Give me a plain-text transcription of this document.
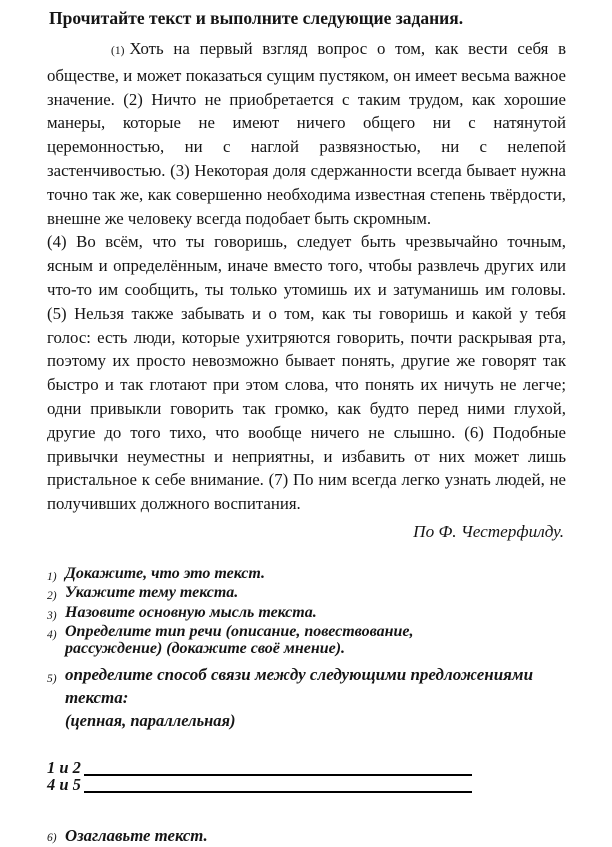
Прочитайте текст и выполните следующие задания.

(1) Хоть на первый взгляд вопрос о том, как вести себя в обществе, и может показаться сущим пустяком, он имеет весьма важное значение. (2) Ничто не приобретается с таким трудом, как хорошие манеры, которые не имеют ничего общего ни с натянутой церемонностью, ни с наглой развязностью, ни с нелепой застенчивостью. (3) Некоторая доля сдержанности всегда бывает нужна точно так же, как совершенно необходима известная степень твёрдости, внешне же человеку всегда подобает быть скромным.

(4) Во всём, что ты говоришь, следует быть чрезвычайно точным, ясным и определённым, иначе вместо того, чтобы развлечь других или что-то им сообщить, ты только утомишь их и затуманишь им головы. (5) Нельзя также забывать и о том, как ты говоришь и какой у тебя голос: есть люди, которые ухитряются говорить, почти раскрывая рта, поэтому их просто невозможно бывает понять, другие же говорят так быстро и так глотают при этом слова, что понять их ничуть не легче; одни привыкли говорить так громко, как будто перед ними глухой, другие до того тихо, что вообще ничего не слышно. (6) Подобные привычки неуместны и неприятны, и избавить от них может лишь пристальное к себе внимание. (7) По ним всегда легко узнать людей, не получивших должного воспитания.

По Ф. Честерфилду.
1) Докажите, что это текст.
2) Укажите тему текста.
3) Назовите основную мысль текста.
4) Определите тип речи (описание, повествование, рассуждение) (докажите своё мнение).
5) определите способ связи между следующими предложениями текста:
(цепная, параллельная)
1 и 2
4 и 5
6) Озаглавьте текст.
